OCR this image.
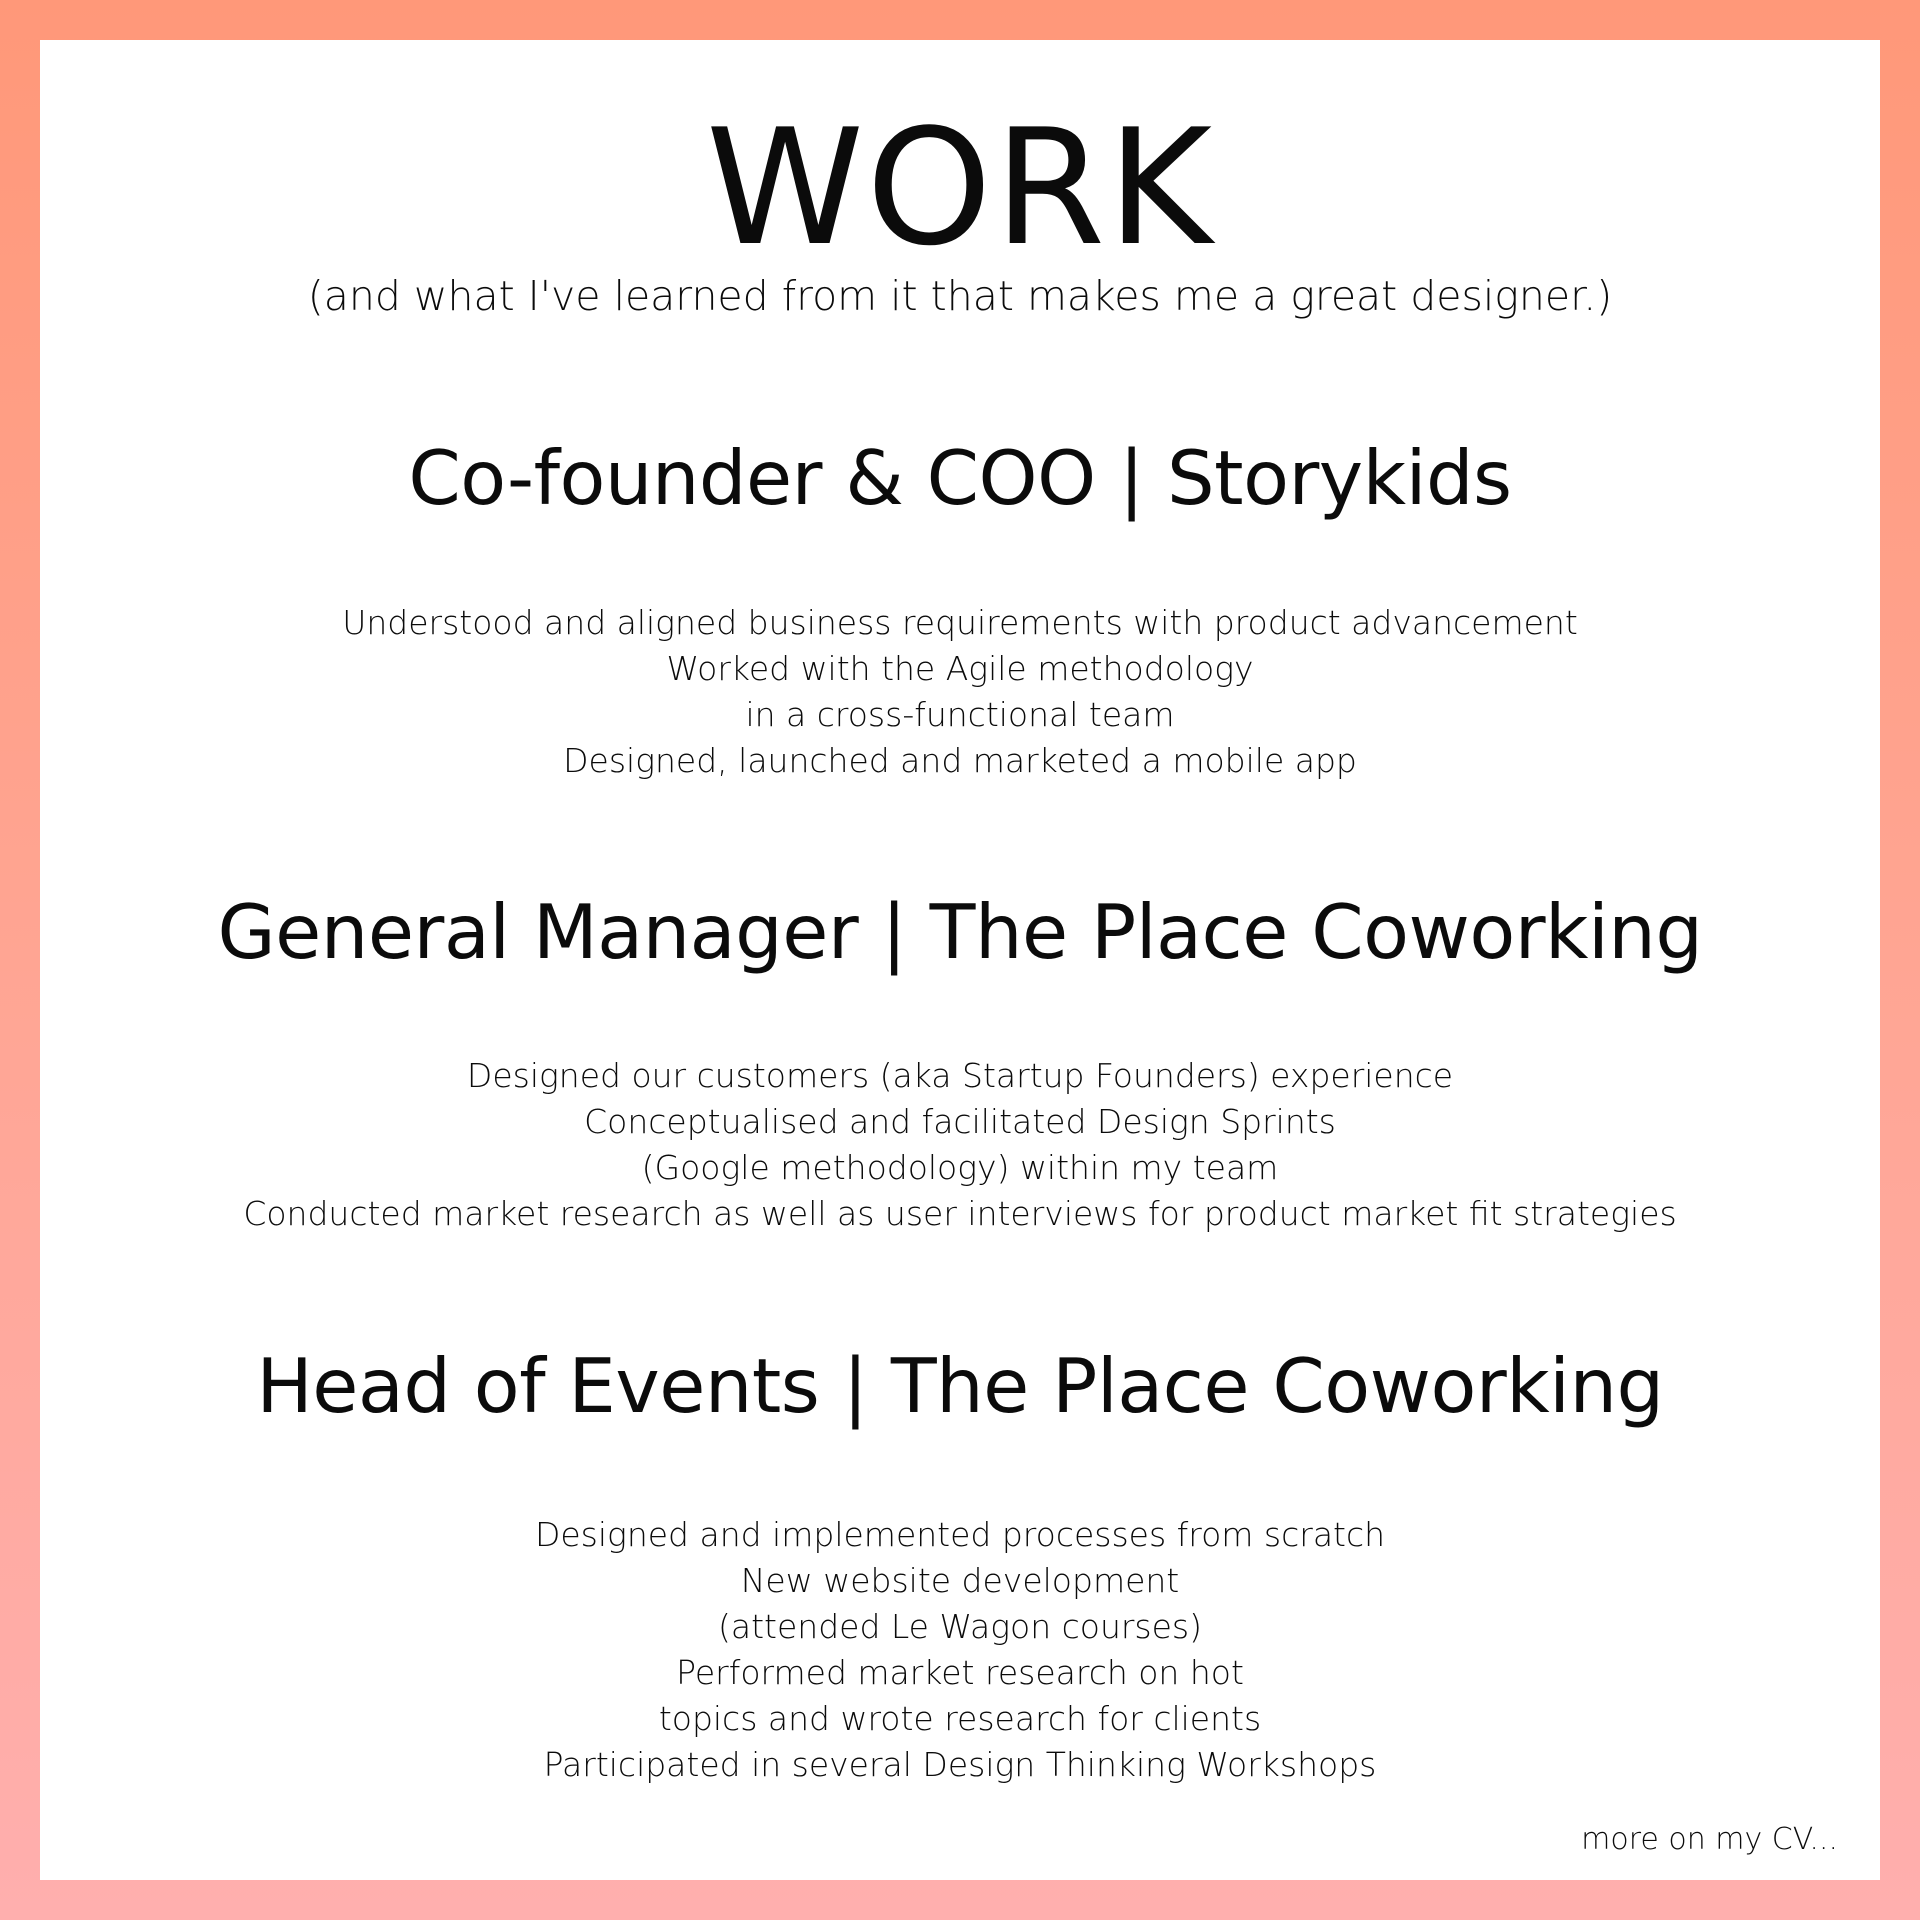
WORK

(and what I've learned from it that makes me a great designer.)

Co-founder & COO | Storykids
Understood and aligned business requirements with product advancement
Worked with the Agile methodology
in a cross-functional team
Designed, launched and marketed a mobile app
General Manager | The Place Coworking
Designed our customers (aka Startup Founders) experience
Conceptualised and facilitated Design Sprints
(Google methodology) within my team
Conducted market research as well as user interviews for product market fit strategies
Head of Events | The Place Coworking
Designed and implemented processes from scratch
New website development
(attended Le Wagon courses)
Performed market research on hot
topics and wrote research for clients
Participated in several Design Thinking Workshops
more on my CV...
